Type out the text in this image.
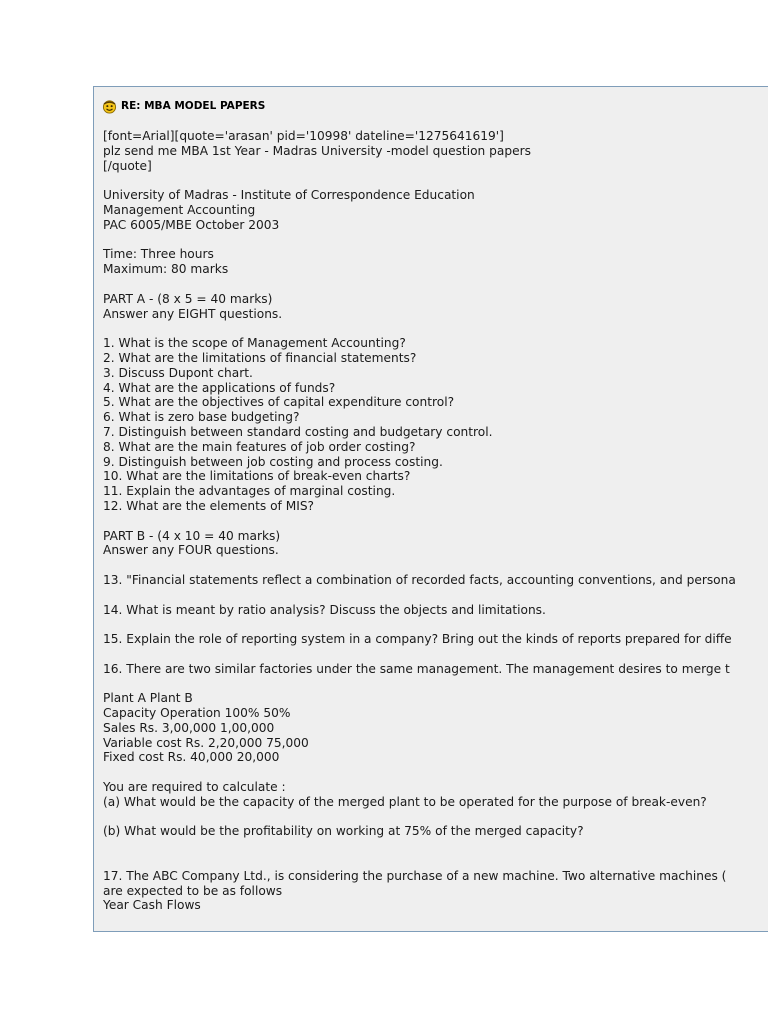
RE: MBA MODEL PAPERS
[font=Arial][quote='arasan' pid='10998' dateline='1275641619']
plz send me MBA 1st Year - Madras University -model question papers
[/quote]
University of Madras - Institute of Correspondence Education
Management Accounting
PAC 6005/MBE October 2003
Time: Three hours
Maximum: 80 marks
PART A - (8 x 5 = 40 marks)
Answer any EIGHT questions.
1. What is the scope of Management Accounting?
2. What are the limitations of financial statements?
3. Discuss Dupont chart.
4. What are the applications of funds?
5. What are the objectives of capital expenditure control?
6. What is zero base budgeting?
7. Distinguish between standard costing and budgetary control.
8. What are the main features of job order costing?
9. Distinguish between job costing and process costing.
10. What are the limitations of break-even charts?
11. Explain the advantages of marginal costing.
12. What are the elements of MIS?
PART B - (4 x 10 = 40 marks)
Answer any FOUR questions.
13. "Financial statements reflect a combination of recorded facts, accounting conventions, and persona
14. What is meant by ratio analysis? Discuss the objects and limitations.
15. Explain the role of reporting system in a company? Bring out the kinds of reports prepared for diffe
16. There are two similar factories under the same management. The management desires to merge t
Plant A Plant B
Capacity Operation 100% 50%
Sales Rs. 3,00,000 1,00,000
Variable cost Rs. 2,20,000 75,000
Fixed cost Rs. 40,000 20,000
You are required to calculate :
(a) What would be the capacity of the merged plant to be operated for the purpose of break-even?
(b) What would be the profitability on working at 75% of the merged capacity?
17. The ABC Company Ltd., is considering the purchase of a new machine. Two alternative machines (
are expected to be as follows
Year Cash Flows
